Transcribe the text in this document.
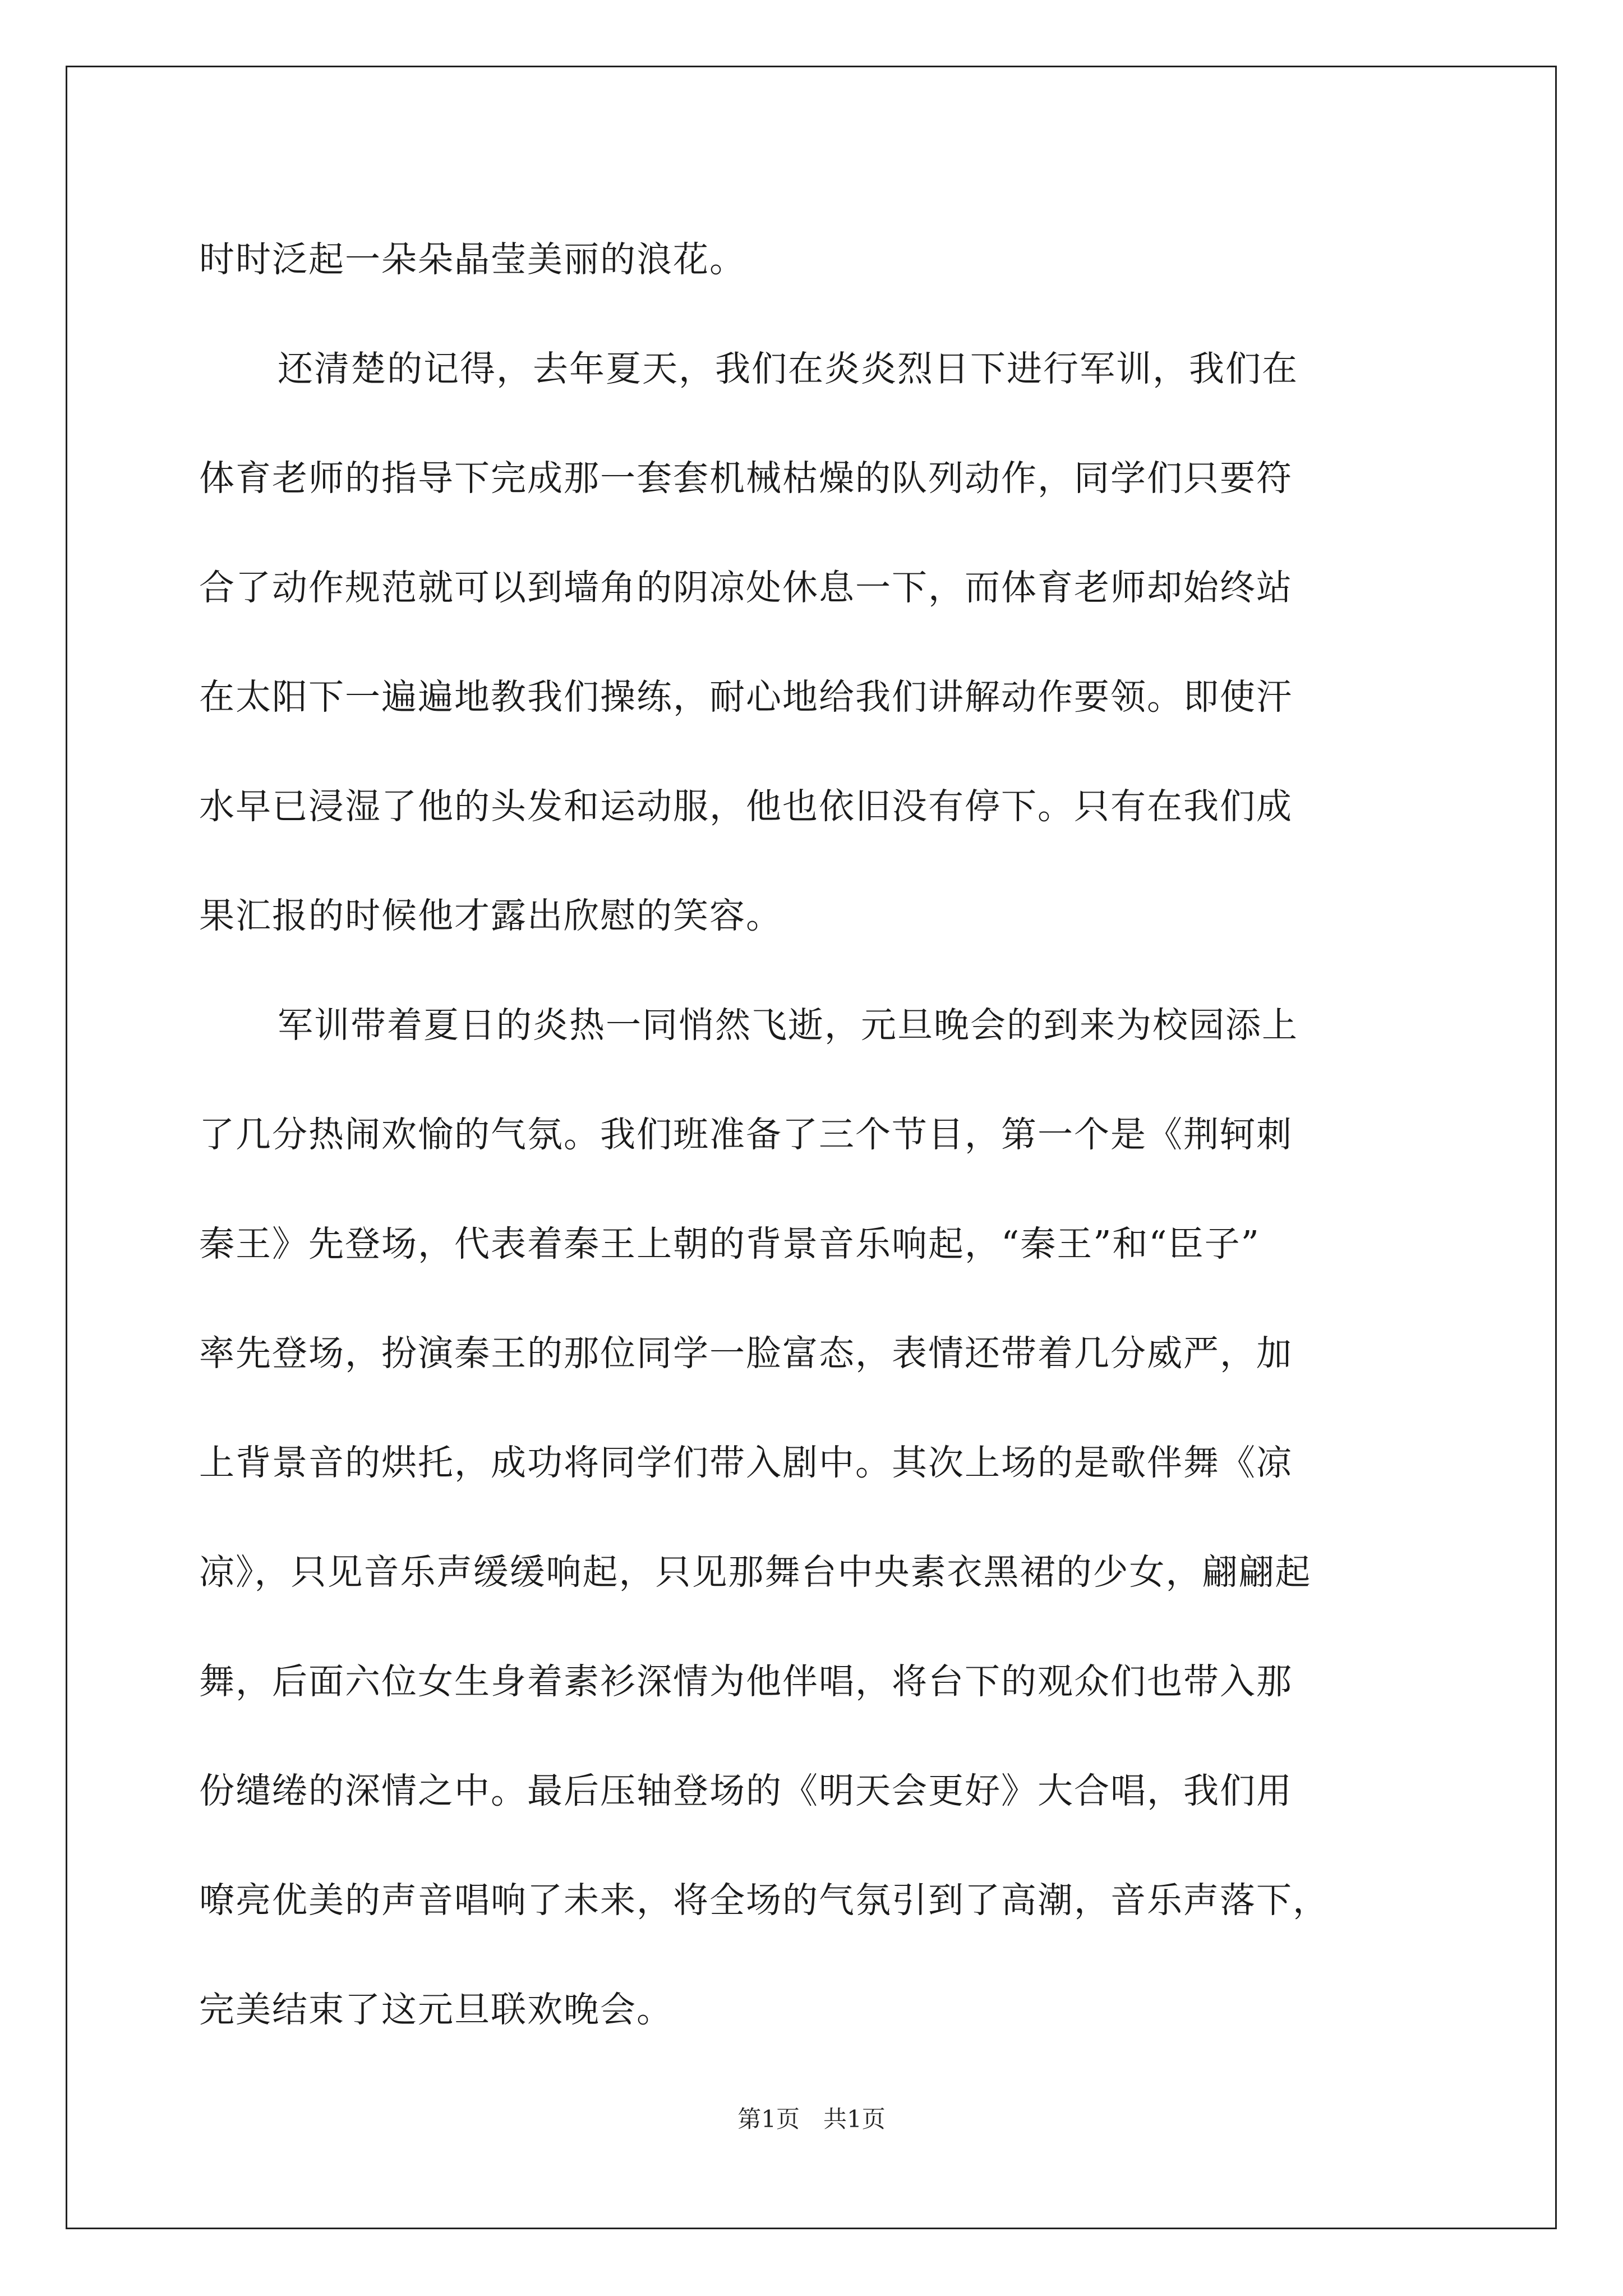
时时泛起一朵朵晶莹美丽的浪花。
还清楚的记得，去年夏天，我们在炎炎烈日下进行军训，我们在
体育老师的指导下完成那一套套机械枯燥的队列动作，同学们只要符
合了动作规范就可以到墙角的阴凉处休息一下，而体育老师却始终站
在太阳下一遍遍地教我们操练，耐心地给我们讲解动作要领。即使汗
水早已浸湿了他的头发和运动服，他也依旧没有停下。只有在我们成
果汇报的时候他才露出欣慰的笑容。
军训带着夏日的炎热一同悄然飞逝，元旦晚会的到来为校园添上
了几分热闹欢愉的气氛。我们班准备了三个节目，第一个是《荆轲刺
秦王》先登场，代表着秦王上朝的背景音乐响起，“秦王”和“臣子”
率先登场，扮演秦王的那位同学一脸富态，表情还带着几分威严，加
上背景音的烘托，成功将同学们带入剧中。其次上场的是歌伴舞《凉
凉》，只见音乐声缓缓响起，只见那舞台中央素衣黑裙的少女，翩翩起
舞，后面六位女生身着素衫深情为他伴唱，将台下的观众们也带入那
份缱绻的深情之中。最后压轴登场的《明天会更好》大合唱，我们用
嘹亮优美的声音唱响了未来，将全场的气氛引到了高潮，音乐声落下，
完美结束了这元旦联欢晚会。
第1页　共1页
